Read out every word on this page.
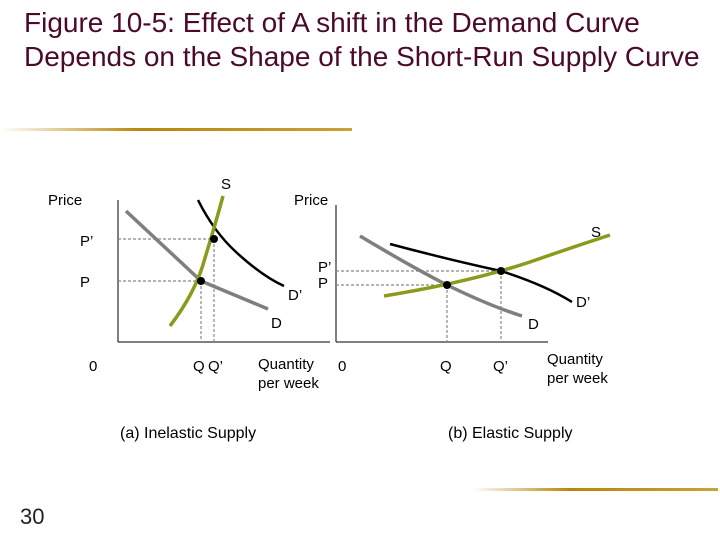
Figure 10-5: Effect of A shift in the Demand Curve Depends on the Shape of the Short-Run Supply Curve
30
Price
0	Quantity
per week
S
D
D’
P’
P
Q Q’
(a) Inelastic Supply
Price
0	Quantity
per week
S
D
D’
P’
P
Q	Q’
(b) Elastic Supply
